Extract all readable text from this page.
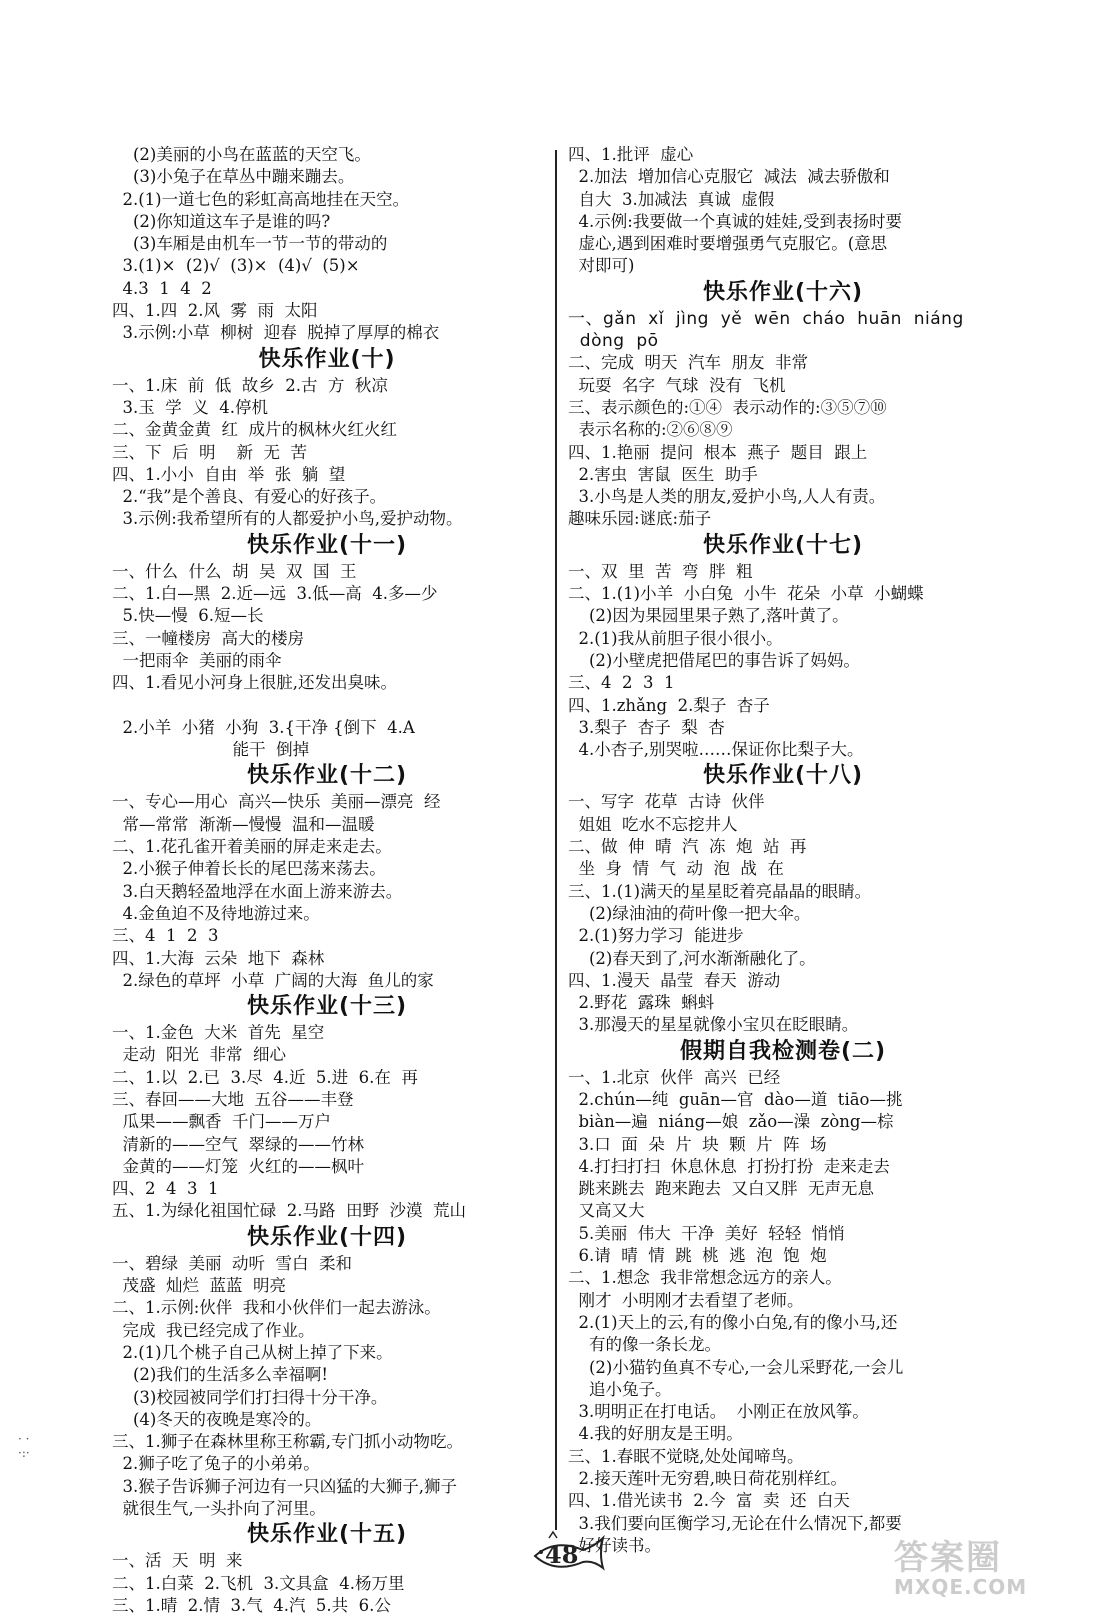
(2)美丽的小鸟在蓝蓝的天空飞。
(3)小兔子在草丛中蹦来蹦去。
2.(1)一道七色的彩虹高高地挂在天空。
(2)你知道这车子是谁的吗?
(3)车厢是由机车一节一节的带动的
3.(1)×  (2)√  (3)×  (4)√  (5)×
4.3  1  4  2
四、1.四  2.风  雾  雨  太阳
3.示例:小草  柳树  迎春  脱掉了厚厚的棉衣
快乐作业(十)
一、1.床  前  低  故乡  2.古  方  秋凉
3.玉  学  义  4.停机
二、金黄金黄  红  成片的枫林火红火红
三、下  后  明    新  无  苦
四、1.小小  自由  举  张  躺  望
2.“我”是个善良、有爱心的好孩子。
3.示例:我希望所有的人都爱护小鸟,爱护动物。
快乐作业(十一)
一、什么  什么  胡  吴  双  国  王
二、1.白—黑  2.近—远  3.低—高  4.多—少
5.快—慢  6.短—长
三、一幢楼房  高大的楼房
一把雨伞  美丽的雨伞
四、1.看见小河身上很脏,还发出臭味。
2.小羊  小猪  小狗  3.{干净 {倒下  4.A
能干  倒掉
快乐作业(十二)
一、专心—用心  高兴—快乐  美丽—漂亮  经
常—常常  渐渐—慢慢  温和—温暖
二、1.花孔雀开着美丽的屏走来走去。
2.小猴子伸着长长的尾巴荡来荡去。
3.白天鹅轻盈地浮在水面上游来游去。
4.金鱼迫不及待地游过来。
三、4  1  2  3
四、1.大海  云朵  地下  森林
2.绿色的草坪  小草  广阔的大海  鱼儿的家
快乐作业(十三)
一、1.金色  大米  首先  星空
走动  阳光  非常  细心
二、1.以  2.已  3.尽  4.近  5.进  6.在  再
三、春回——大地  五谷——丰登
瓜果——飘香  千门——万户
清新的——空气  翠绿的——竹林
金黄的——灯笼  火红的——枫叶
四、2  4  3  1
五、1.为绿化祖国忙碌  2.马路  田野  沙漠  荒山
快乐作业(十四)
一、碧绿  美丽  动听  雪白  柔和
茂盛  灿烂  蓝蓝  明亮
二、1.示例:伙伴  我和小伙伴们一起去游泳。
完成  我已经完成了作业。
2.(1)几个桃子自己从树上掉了下来。
(2)我们的生活多么幸福啊!
(3)校园被同学们打扫得十分干净。
(4)冬天的夜晚是寒冷的。
三、1.狮子在森林里称王称霸,专门抓小动物吃。
2.狮子吃了兔子的小弟弟。
3.猴子告诉狮子河边有一只凶猛的大狮子,狮子
就很生气,一头扑向了河里。
快乐作业(十五)
一、活  天  明  来
二、1.白菜  2.飞机  3.文具盒  4.杨万里
三、1.晴  2.情  3.气  4.汽  5.共  6.公
四、1.批评  虚心
2.加法  增加信心克服它  减法  减去骄傲和
自大  3.加减法  真诚  虚假
4.示例:我要做一个真诚的娃娃,受到表扬时要
虚心,遇到困难时要增强勇气克服它。(意思
对即可)
快乐作业(十六)
一、gǎn  xǐ  jìng  yě  wēn  cháo  huān  niáng
dòng  pō
二、完成  明天  汽车  朋友  非常
玩耍  名字  气球  没有  飞机
三、表示颜色的:①④  表示动作的:③⑤⑦⑩
表示名称的:②⑥⑧⑨
四、1.艳丽  提问  根本  燕子  题目  跟上
2.害虫  害鼠  医生  助手
3.小鸟是人类的朋友,爱护小鸟,人人有责。
趣味乐园:谜底:茄子
快乐作业(十七)
一、双  里  苦  弯  胖  粗
二、1.(1)小羊  小白兔  小牛  花朵  小草  小蝴蝶
(2)因为果园里果子熟了,落叶黄了。
2.(1)我从前胆子很小很小。
(2)小壁虎把借尾巴的事告诉了妈妈。
三、4  2  3  1
四、1.zhǎng  2.梨子  杏子
3.梨子  杏子  梨  杏
4.小杏子,别哭啦……保证你比梨子大。
快乐作业(十八)
一、写字  花草  古诗  伙伴
姐姐  吃水不忘挖井人
二、做  伸  晴  汽  冻  炮  站  再
坐  身  情  气  动  泡  战  在
三、1.(1)满天的星星眨着亮晶晶的眼睛。
(2)绿油油的荷叶像一把大伞。
2.(1)努力学习  能进步
(2)春天到了,河水渐渐融化了。
四、1.漫天  晶莹  春天  游动
2.野花  露珠  蝌蚪
3.那漫天的星星就像小宝贝在眨眼睛。
假期自我检测卷(二)
一、1.北京  伙伴  高兴  已经
2.chún—纯  guān—官  dào—道  tiāo—挑
biàn—遍  niáng—娘  zǎo—澡  zòng—棕
3.口  面  朵  片  块  颗  片  阵  场
4.打扫打扫  休息休息  打扮打扮  走来走去
跳来跳去  跑来跑去  又白又胖  无声无息
又高又大
5.美丽  伟大  干净  美好  轻轻  悄悄
6.请  晴  情  跳  桃  逃  泡  饱  炮
二、1.想念  我非常想念远方的亲人。
刚才  小明刚才去看望了老师。
2.(1)天上的云,有的像小白兔,有的像小马,还
有的像一条长龙。
(2)小猫钓鱼真不专心,一会儿采野花,一会儿
追小兔子。
3.明明正在打电话。  小刚正在放风筝。
4.我的好朋友是王明。
三、1.春眠不觉晓,处处闻啼鸟。
2.接天莲叶无穷碧,映日荷花别样红。
四、1.借光读书  2.今  富  卖  还  白天
3.我们要向匡衡学习,无论在什么情况下,都要
好好读书。
48
· ·
·:·
答案圈
MXQE.COM
